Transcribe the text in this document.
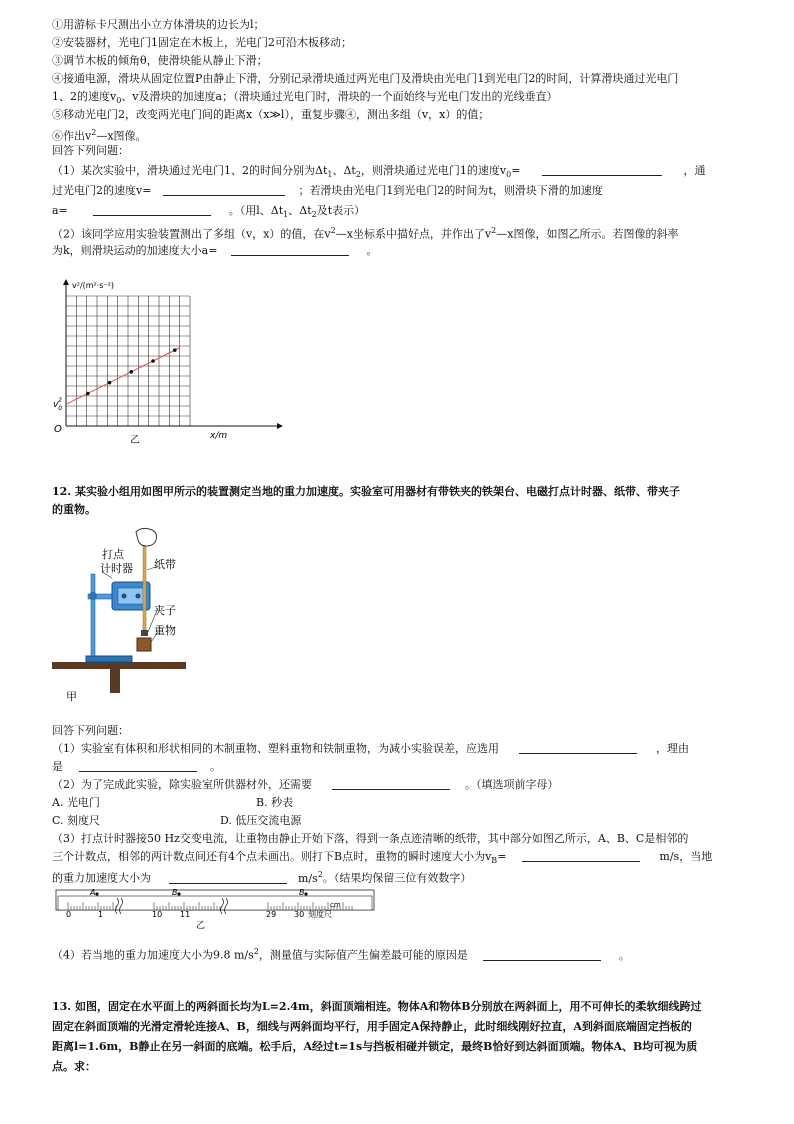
①用游标卡尺测出小立方体滑块的边长为l；
②安装器材，光电门1固定在木板上，光电门2可沿木板移动；
③调节木板的倾角θ，使滑块能从静止下滑；
④接通电源，滑块从固定位置P由静止下滑，分别记录滑块通过两光电门及滑块由光电门1到光电门2的时间，计算滑块通过光电门
1、2的速度$v_0$、v及滑块的加速度a；（滑块通过光电门时，滑块的一个面始终与光电门发出的光线垂直）
⑤移动光电门2，改变两光电门间的距离x（x≫l），重复步骤④，测出多组（v，x）的值；
⑥作出$v^2—x$图像。
回答下列问题：
（1）某次实验中，滑块通过光电门1、2的时间分别为$\Delta t_1$、$\Delta t_2$，则滑块通过光电门1的速度$v_0=$	，通
过光电门2的速度v=	；若滑块由光电门1到光电门2的时间为t，则滑块下滑的加速度
a=	。（用l、$\Delta t_1$、$\Delta t_2$及t表示）
（2）该同学应用实验装置测出了多组（v，x）的值，在$v^2—x$坐标系中描好点，并作出了$v^2—x$图像，如图乙所示。若图像的斜率
为k，则滑块运动的加速度大小a=	。
v²/(m²·s⁻²)
O
$v_02$
x/m
乙
12. 某实验小组用如图甲所示的装置测定当地的重力加速度。实验室可用器材有带铁夹的铁架台、电磁打点计时器、纸带、带夹子
的重物。
打点
计时器 纸带
夹子
重物
甲
回答下列问题：
（1）实验室有体积和形状相同的木制重物、塑料重物和铁制重物，为减小实验误差，应选用	，理由
是	。
（2）为了完成此实验，除实验室所供器材外，还需要	。（填选项前字母）
A. 光电门	B. 秒表
C. 刻度尺	D. 低压交流电源
（3）打点计时器接50 Hz交变电流，让重物由静止开始下落，得到一条点迹清晰的纸带，其中部分如图乙所示，A、B、C是相邻的
三个计数点，相邻的两计数点间还有4个点未画出。则打下B点时，重物的瞬时速度大小为$v_B=$	m/s，当地
的重力加速度大小为	$m/s^2$。（结果均保留三位有效数字）
A	B	B
0	1	10 11	29 30
cm
刻度尺
乙
（4）若当地的重力加速度大小为9.8 $m/s^2$，测量值与实际值产生偏差最可能的原因是	。
13. 如图，固定在水平面上的两斜面长均为L=2.4m，斜面顶端相连。物体A和物体B分别放在两斜面上，用不可伸长的柔软细线跨过
固定在斜面顶端的光滑定滑轮连接A、B，细线与两斜面均平行，用手固定A保持静止，此时细线刚好拉直，A到斜面底端固定挡板的
距离l=1.6m，B静止在另一斜面的底端。松手后，A经过t=1s与挡板相碰并锁定，最终B恰好到达斜面顶端。物体A、B均可视为质
点。求：
